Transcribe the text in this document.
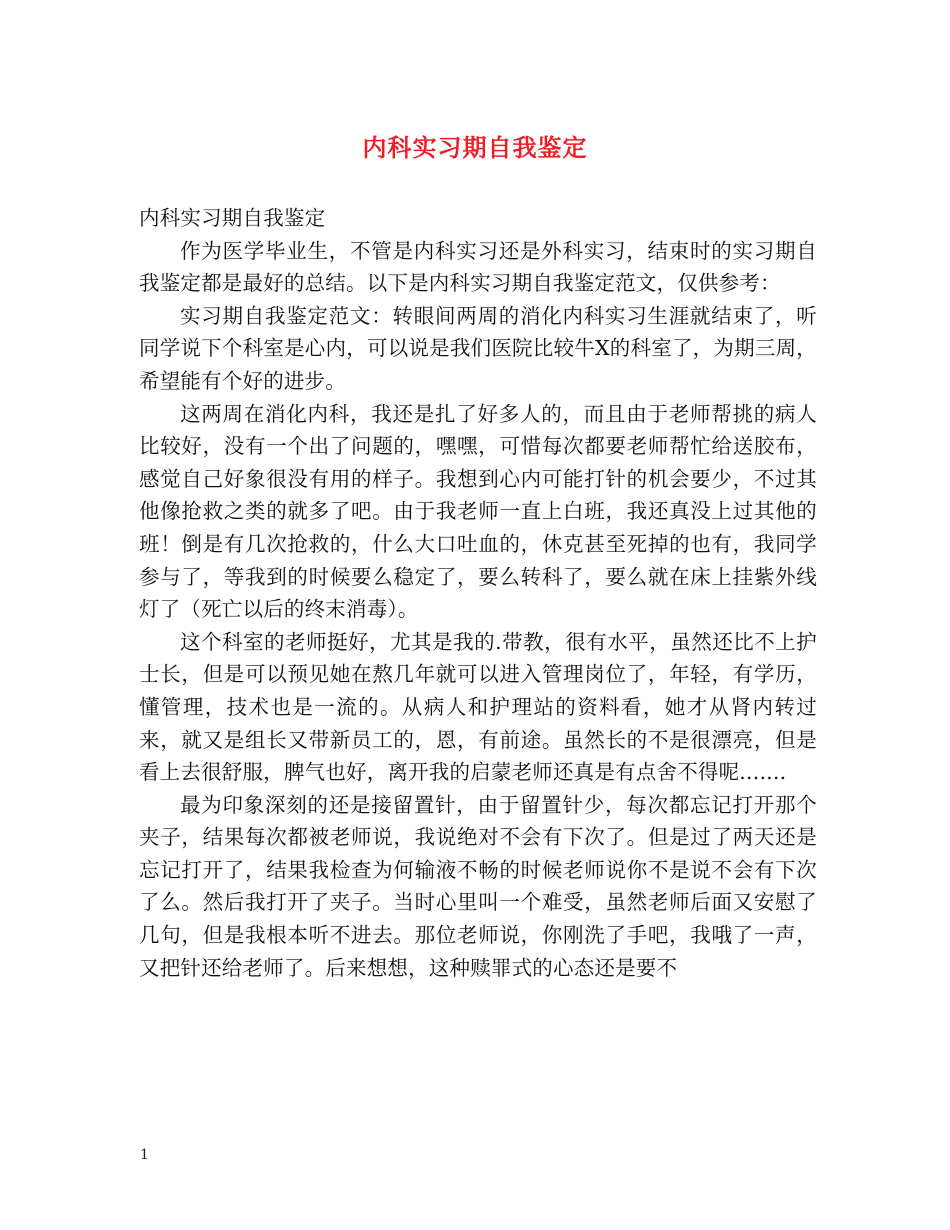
内科实习期自我鉴定

内科实习期自我鉴定

作为医学毕业生，不管是内科实习还是外科实习，结束时的实习期自我鉴定都是最好的总结。以下是内科实习期自我鉴定范文，仅供参考：

实习期自我鉴定范文：转眼间两周的消化内科实习生涯就结束了，听同学说下个科室是心内，可以说是我们医院比较牛X的科室了，为期三周，希望能有个好的进步。

这两周在消化内科，我还是扎了好多人的，而且由于老师帮挑的病人比较好，没有一个出了问题的，嘿嘿，可惜每次都要老师帮忙给送胶布，感觉自己好象很没有用的样子。我想到心内可能打针的机会要少，不过其他像抢救之类的就多了吧。由于我老师一直上白班，我还真没上过其他的班！倒是有几次抢救的，什么大口吐血的，休克甚至死掉的也有，我同学参与了，等我到的时候要么稳定了，要么转科了，要么就在床上挂紫外线灯了（死亡以后的终末消毒）。

这个科室的老师挺好，尤其是我的.带教，很有水平，虽然还比不上护士长，但是可以预见她在熬几年就可以进入管理岗位了，年轻，有学历，懂管理，技术也是一流的。从病人和护理站的资料看，她才从肾内转过来，就又是组长又带新员工的，恩，有前途。虽然长的不是很漂亮，但是看上去很舒服，脾气也好，离开我的启蒙老师还真是有点舍不得呢.......

最为印象深刻的还是接留置针，由于留置针少，每次都忘记打开那个夹子，结果每次都被老师说，我说绝对不会有下次了。但是过了两天还是忘记打开了，结果我检查为何输液不畅的时候老师说你不是说不会有下次了么。然后我打开了夹子。当时心里叫一个难受，虽然老师后面又安慰了几句，但是我根本听不进去。那位老师说，你刚洗了手吧，我哦了一声，又把针还给老师了。后来想想，这种赎罪式的心态还是要不

1
